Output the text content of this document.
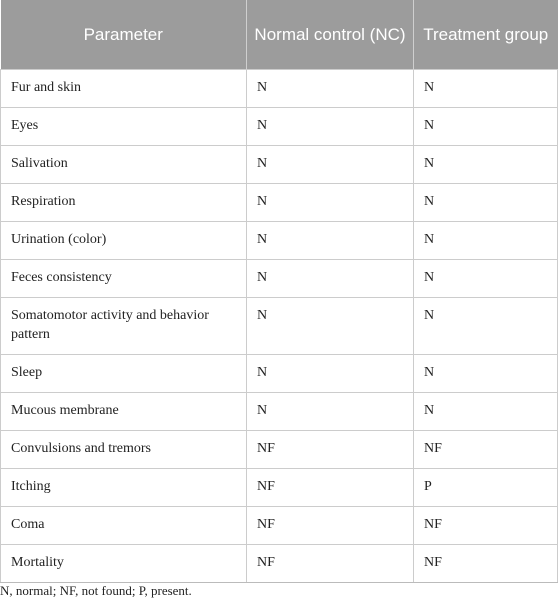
Parameter	Normal control (NC)	Treatment group
Fur and skin	N	N
Eyes	N	N
Salivation	N	N
Respiration	N	N
Urination (color)	N	N
Feces consistency	N	N
Somatomotor activity and behavior pattern	N	N
Sleep	N	N
Mucous membrane	N	N
Convulsions and tremors	NF	NF
Itching	NF	P
Coma	NF	NF
Mortality	NF	NF
N, normal; NF, not found; P, present.
